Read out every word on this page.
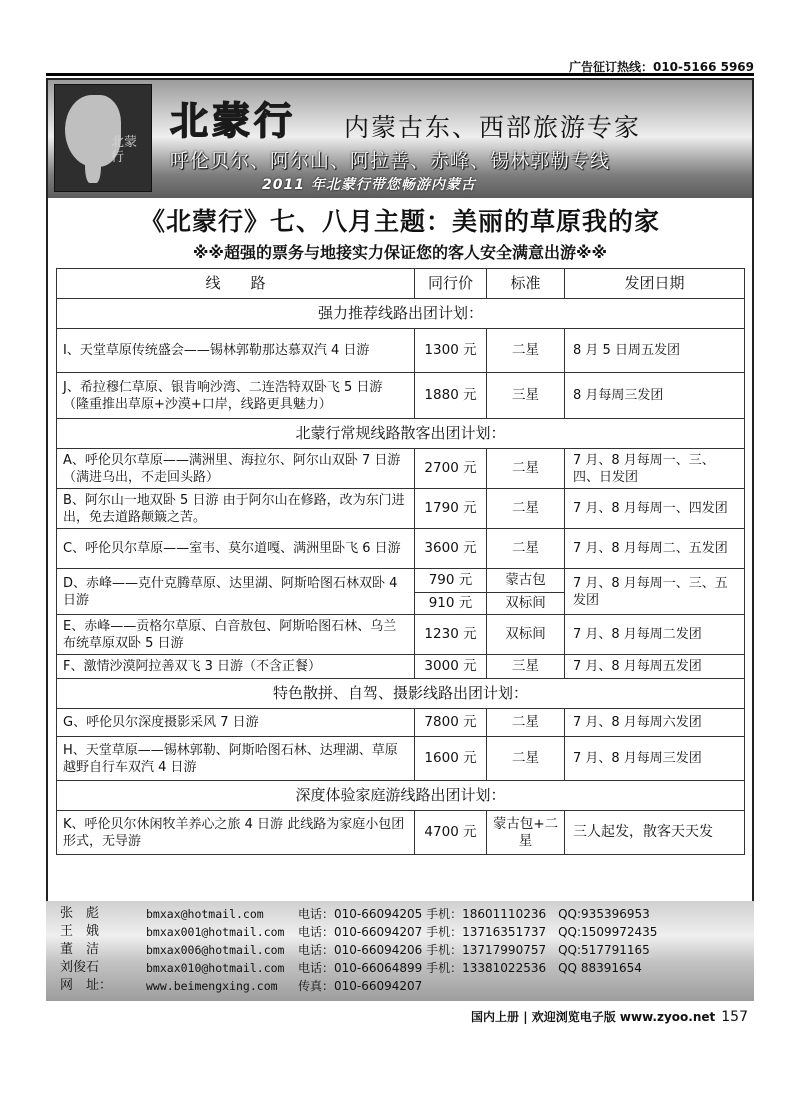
广告征订热线：010-5166 5969
北蒙行
北蒙行 内蒙古东、西部旅游专家
呼伦贝尔、阿尔山、阿拉善、赤峰、锡林郭勒专线
2011 年北蒙行带您畅游内蒙古
《北蒙行》七、八月主题：美丽的草原我的家
※※超强的票务与地接实力保证您的客人安全满意出游※※
线　　路	同行价	标准	发团日期
强力推荐线路出团计划：			
I、天堂草原传统盛会——锡林郭勒那达慕双汽 4 日游	1300 元	二星	8 月 5 日周五发团
J、希拉穆仁草原、银肯响沙湾、二连浩特双卧飞 5 日游（隆重推出草原+沙漠+口岸，线路更具魅力）	1880 元	三星	8 月每周三发团
北蒙行常规线路散客出团计划：			
A、呼伦贝尔草原——满洲里、海拉尔、阿尔山双卧 7 日游（满进乌出，不走回头路）	2700 元	二星	7 月、8 月每周一、三、四、日发团
B、阿尔山一地双卧 5 日游 由于阿尔山在修路，改为东门进出，免去道路颠簸之苦。	1790 元	二星	7 月、8 月每周一、四发团
C、呼伦贝尔草原——室韦、莫尔道嘎、满洲里卧飞 6 日游	3600 元	二星	7 月、8 月每周二、五发团
D、赤峰——克什克腾草原、达里湖、阿斯哈图石林双卧 4 日游	790 元	蒙古包	7 月、8 月每周一、三、五发团
	910 元	双标间	
E、赤峰——贡格尔草原、白音敖包、阿斯哈图石林、乌兰布统草原双卧 5 日游	1230 元	双标间	7 月、8 月每周二发团
F、激情沙漠阿拉善双飞 3 日游（不含正餐）	3000 元	三星	7 月、8 月每周五发团
特色散拼、自驾、摄影线路出团计划：			
G、呼伦贝尔深度摄影采风 7 日游	7800 元	二星	7 月、8 月每周六发团
H、天堂草原——锡林郭勒、阿斯哈图石林、达理湖、草原越野自行车双汽 4 日游	1600 元	二星	7 月、8 月每周三发团
深度体验家庭游线路出团计划：			
K、呼伦贝尔休闲牧羊养心之旅 4 日游 此线路为家庭小包团形式，无导游	4700 元	蒙古包+二星	三人起发，散客天天发
张　彪	bmxax@hotmail.com	电话：010-66094205 手机：18601110236　QQ:935396953
王　娥	bmxax001@hotmail.com 电话：010-66094207 手机：13716351737　QQ:1509972435
董　洁	bmxax006@hotmail.com 电话：010-66094206 手机：13717990757　QQ:517791165
刘俊石	bmxax010@hotmail.com 电话：010-66064899 手机：13381022536　QQ 88391654
网　址：	www.beimengxing.com 传真：010-66094207
国内上册 | 欢迎浏览电子版 www.zyoo.net 157
